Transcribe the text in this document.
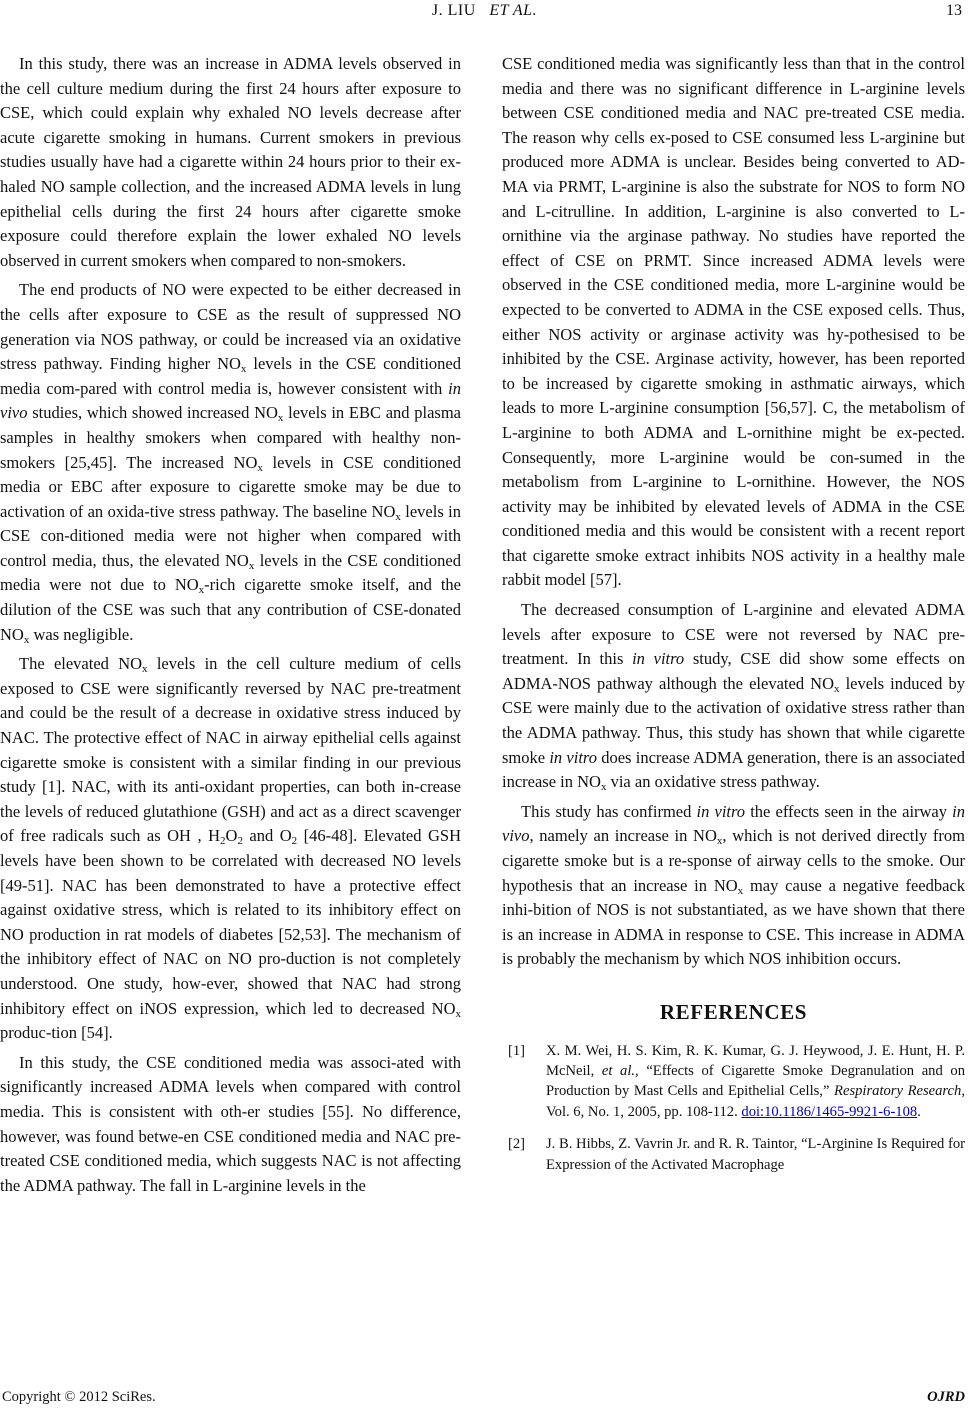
J. LIU ET AL.	13

In this study, there was an increase in ADMA levels observed in the cell culture medium during the first 24 hours after exposure to CSE, which could explain why exhaled NO levels decrease after acute cigarette smoking in humans. Current smokers in previous studies usually have had a cigarette within 24 hours prior to their ex-haled NO sample collection, and the increased ADMA levels in lung epithelial cells during the first 24 hours after cigarette smoke exposure could therefore explain the lower exhaled NO levels observed in current smokers when compared to non-smokers.

The end products of NO were expected to be either decreased in the cells after exposure to CSE as the result of suppressed NO generation via NOS pathway, or could be increased via an oxidative stress pathway. Finding higher $NO_x$ levels in the CSE conditioned media com-pared with control media is, however consistent with in vivo studies, which showed increased $NO_x$ levels in EBC and plasma samples in healthy smokers when compared with healthy non-smokers [25,45]. The increased $NO_x$ levels in CSE conditioned media or EBC after exposure to cigarette smoke may be due to activation of an oxida-tive stress pathway. The baseline $NO_x$ levels in CSE con-ditioned media were not higher when compared with control media, thus, the elevated $NO_x$ levels in the CSE conditioned media were not due to $NO_x$-rich cigarette smoke itself, and the dilution of the CSE was such that any contribution of CSE-donated $NO_x$ was negligible.

The elevated $NO_x$ levels in the cell culture medium of cells exposed to CSE were significantly reversed by NAC pre-treatment and could be the result of a decrease in oxidative stress induced by NAC. The protective effect of NAC in airway epithelial cells against cigarette smoke is consistent with a similar finding in our previous study [1]. NAC, with its anti-oxidant properties, can both in-crease the levels of reduced glutathione (GSH) and act as a direct scavenger of free radicals such as OH , $H_2O_2$ and $O_2$ [46-48]. Elevated GSH levels have been shown to be correlated with decreased NO levels [49-51]. NAC has been demonstrated to have a protective effect against oxidative stress, which is related to its inhibitory effect on NO production in rat models of diabetes [52,53]. The mechanism of the inhibitory effect of NAC on NO pro-duction is not completely understood. One study, how-ever, showed that NAC had strong inhibitory effect on iNOS expression, which led to decreased $NO_x$ produc-tion [54].

In this study, the CSE conditioned media was associ-ated with significantly increased ADMA levels when compared with control media. This is consistent with oth-er studies [55]. No difference, however, was found betwe-en CSE conditioned media and NAC pre-treated CSE conditioned media, which suggests NAC is not affecting the ADMA pathway. The fall in L-arginine levels in the

CSE conditioned media was significantly less than that in the control media and there was no significant difference in L-arginine levels between CSE conditioned media and NAC pre-treated CSE media. The reason why cells ex-posed to CSE consumed less L-arginine but produced more ADMA is unclear. Besides being converted to AD-MA via PRMT, L-arginine is also the substrate for NOS to form NO and L-citrulline. In addition, L-arginine is also converted to L-ornithine via the arginase pathway. No studies have reported the effect of CSE on PRMT. Since increased ADMA levels were observed in the CSE conditioned media, more L-arginine would be expected to be converted to ADMA in the CSE exposed cells. Thus, either NOS activity or arginase activity was hy-pothesised to be inhibited by the CSE. Arginase activity, however, has been reported to be increased by cigarette smoking in asthmatic airways, which leads to more L-arginine consumption [56,57]. C, the metabolism of L-arginine to both ADMA and L-ornithine might be ex-pected. Consequently, more L-arginine would be con-sumed in the metabolism from L-arginine to L-ornithine. However, the NOS activity may be inhibited by elevated levels of ADMA in the CSE conditioned media and this would be consistent with a recent report that cigarette smoke extract inhibits NOS activity in a healthy male rabbit model [57].

The decreased consumption of L-arginine and elevated ADMA levels after exposure to CSE were not reversed by NAC pre-treatment. In this in vitro study, CSE did show some effects on ADMA-NOS pathway although the elevated $NO_x$ levels induced by CSE were mainly due to the activation of oxidative stress rather than the ADMA pathway. Thus, this study has shown that while cigarette smoke in vitro does increase ADMA generation, there is an associated increase in $NO_x$ via an oxidative stress pathway.

This study has confirmed in vitro the effects seen in the airway in vivo, namely an increase in $NO_x$, which is not derived directly from cigarette smoke but is a re-sponse of airway cells to the smoke. Our hypothesis that an increase in $NO_x$ may cause a negative feedback inhi-bition of NOS is not substantiated, as we have shown that there is an increase in ADMA in response to CSE. This increase in ADMA is probably the mechanism by which NOS inhibition occurs.

REFERENCES
[1]	X. M. Wei, H. S. Kim, R. K. Kumar, G. J. Heywood, J. E. Hunt, H. P. McNeil, et al., “Effects of Cigarette Smoke Degranulation and on Production by Mast Cells and Epithelial Cells,” Respiratory Research, Vol. 6, No. 1, 2005, pp. 108-112. doi:10.1186/1465-9921-6-108.
[2]	J. B. Hibbs, Z. Vavrin Jr. and R. R. Taintor, “L-Arginine Is Required for Expression of the Activated Macrophage
Copyright © 2012 SciRes.	OJRD
